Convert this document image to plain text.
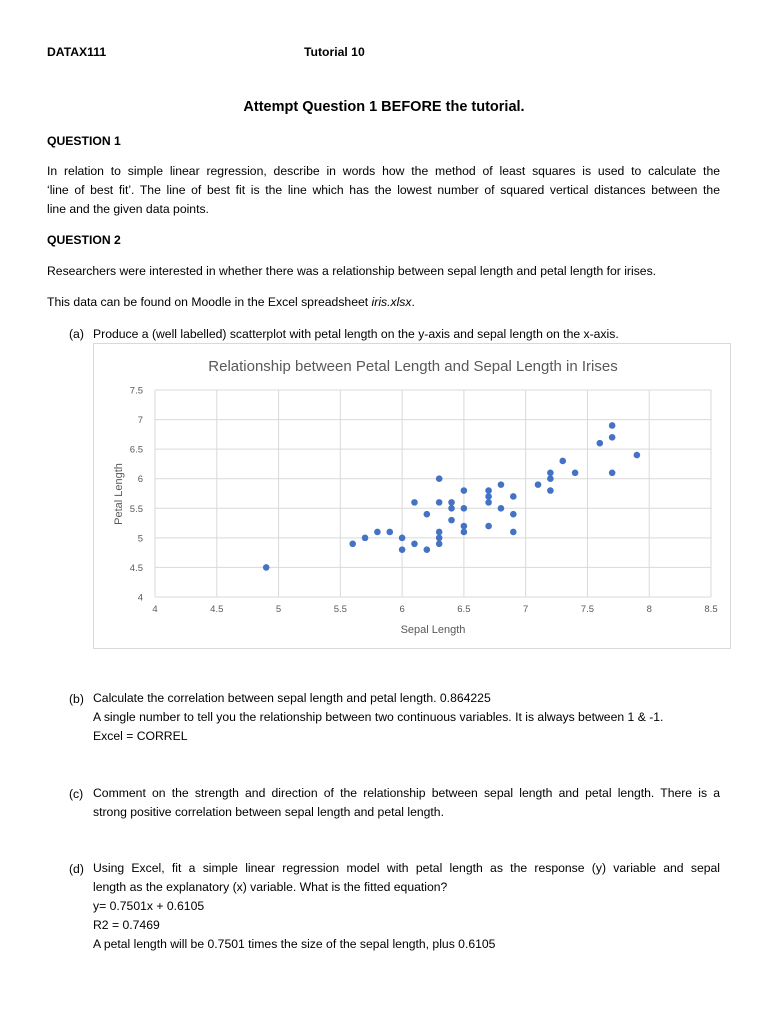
DATAX111	Tutorial 10
Attempt Question 1 BEFORE the tutorial.
QUESTION 1

In relation to simple linear regression, describe in words how the method of least squares is used to calculate the

‘line of best fit’. The line of best fit is the line which has the lowest number of squared vertical distances between the

line and the given data points.

QUESTION 2
Researchers were interested in whether there was a relationship between sepal length and petal length for irises.
This data can be found on Moodle in the Excel spreadsheet iris.xlsx.
(a) Produce a (well labelled) scatterplot with petal length on the y-axis and sepal length on the x-axis.
Relationship between Petal Length and Sepal Length in Irises
4	4.5	5	5.5	6	6.5	7	7.5	8	8.5
4
4.5
5
5.5
6
6.5
7
7.5
Sepal Length
Petal Length
(b) Calculate the correlation between sepal length and petal length. 0.864225

A single number to tell you the relationship between two continuous variables. It is always between 1 & -1.

Excel = CORREL

(c) Comment on the strength and direction of the relationship between sepal length and petal length. There is a

strong positive correlation between sepal length and petal length.

(d) Using Excel, fit a simple linear regression model with petal length as the response (y) variable and sepal

length as the explanatory (x) variable. What is the fitted equation?

y= 0.7501x + 0.6105

R2 = 0.7469

A petal length will be 0.7501 times the size of the sepal length, plus 0.6105
